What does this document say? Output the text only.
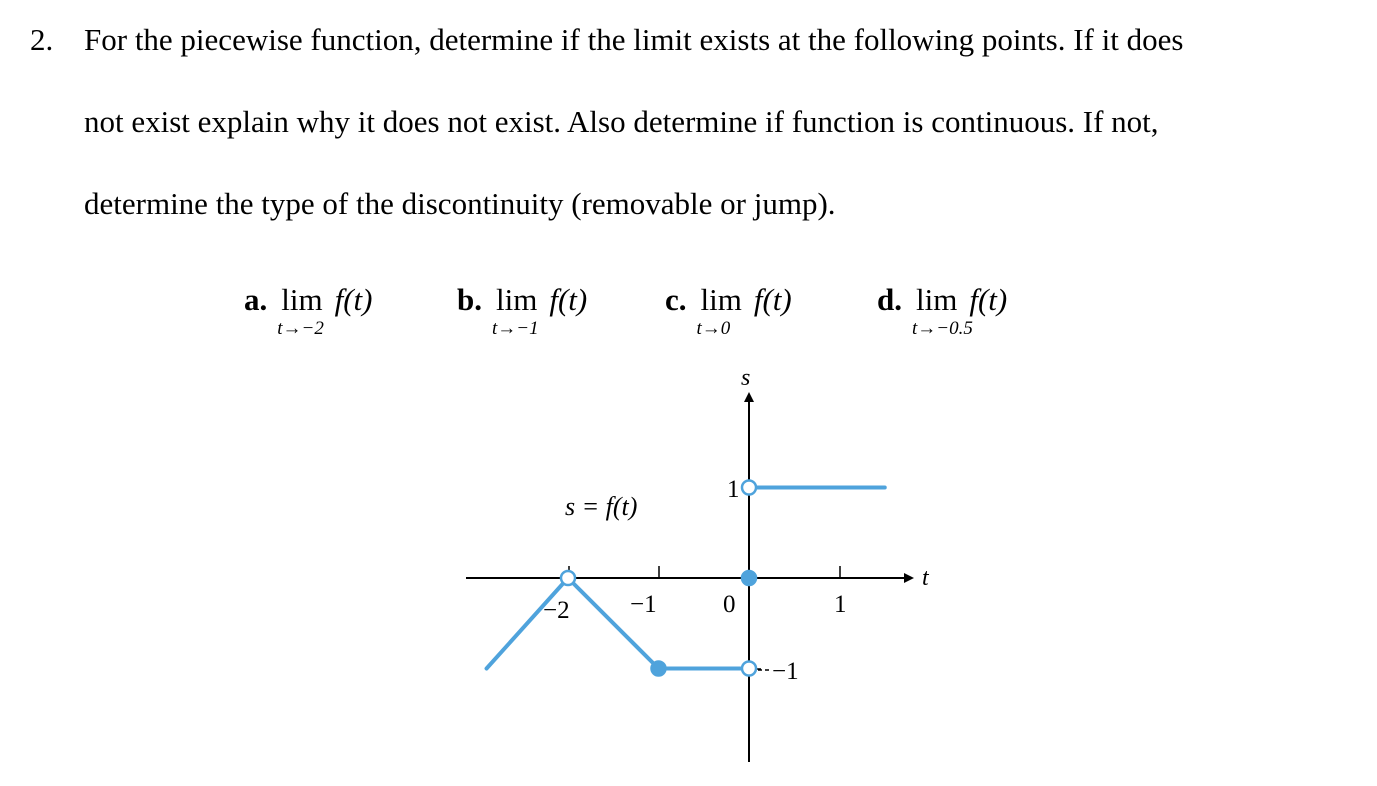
2. For the piecewise function, determine if the limit exists at the following points. If it does
not exist explain why it does not exist. Also determine if function is continuous. If not,
determine the type of the discontinuity (removable or jump).
a. lim
t→−2
f(t)	b. lim
t→−1
f(t)	c. lim
t→0
f(t)	d. lim
t→−0.5
f(t)
s
t
s = f(t)
−2 −1	0	1
1
−1
